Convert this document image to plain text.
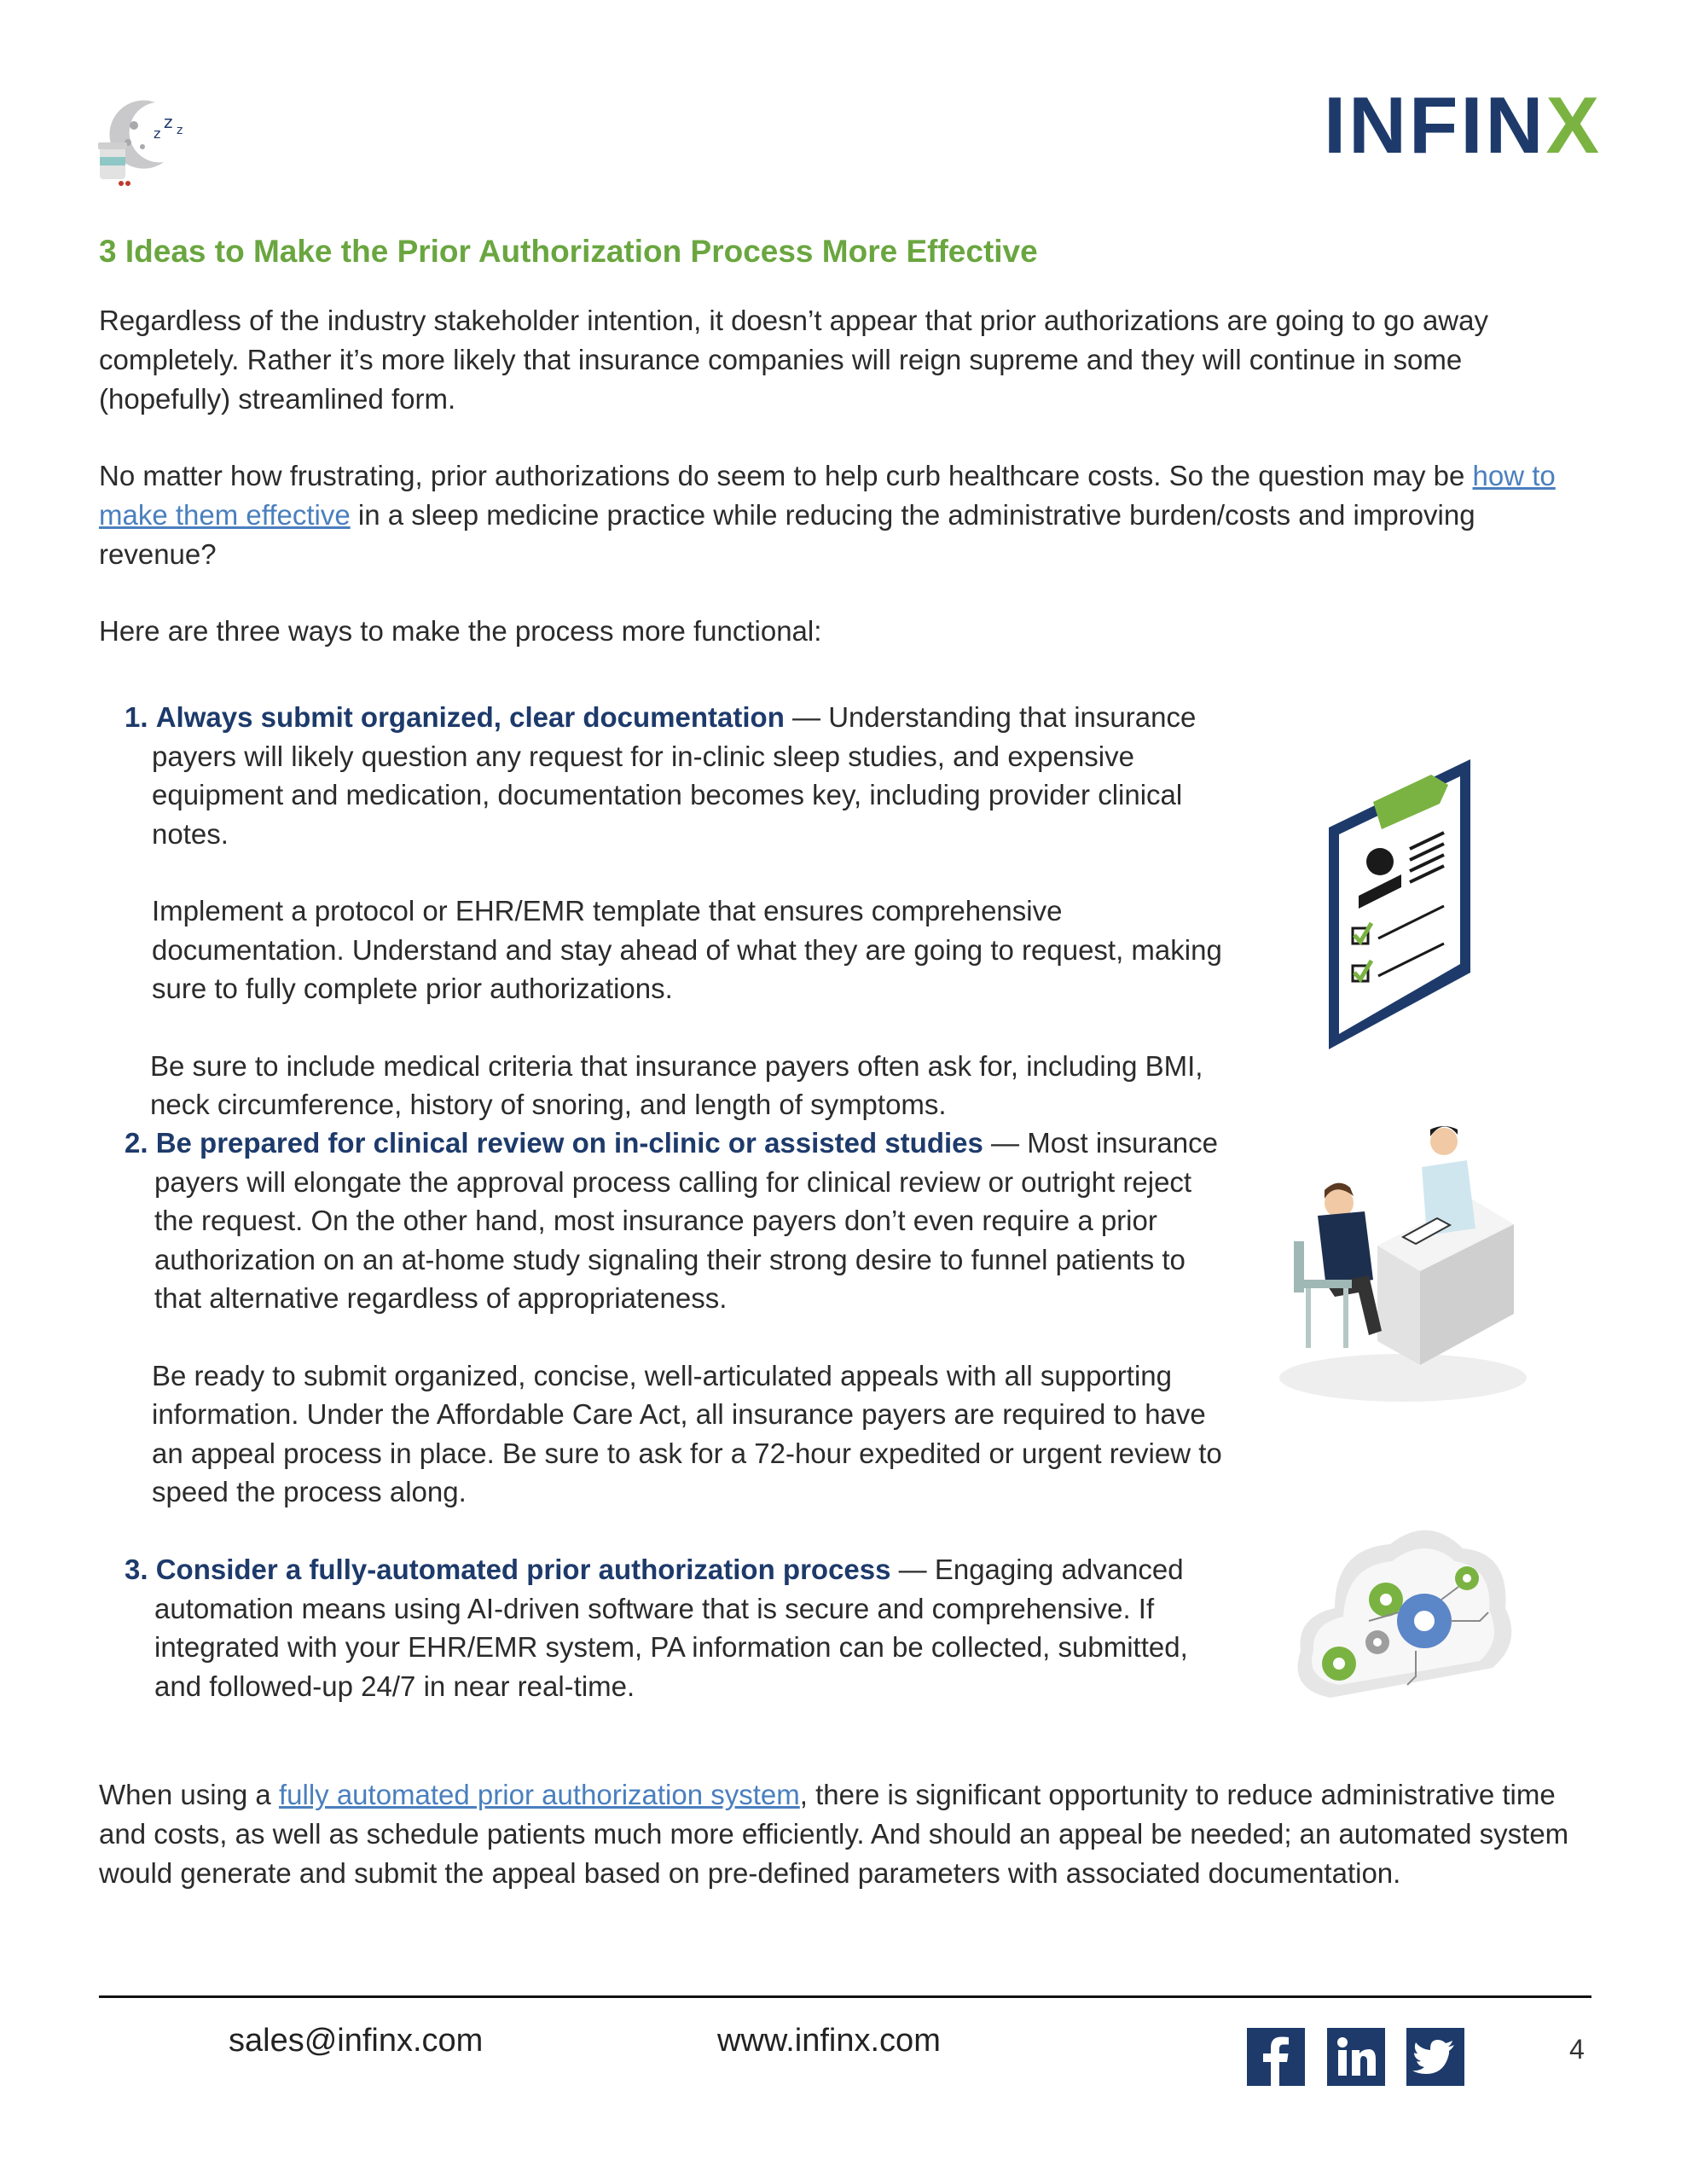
z
z z	INFINX
3 Ideas to Make the Prior Authorization Process More Effective

Regardless of the industry stakeholder intention, it doesn’t appear that prior authorizations are going to go away completely. Rather it’s more likely that insurance companies will reign supreme and they will continue in some (hopefully) streamlined form.

No matter how frustrating, prior authorizations do seem to help curb healthcare costs. So the question may be how to make them effective in a sleep medicine practice while reducing the administrative burden/costs and improving revenue?

Here are three ways to make the process more functional:

1. Always submit organized, clear documentation — Understanding that insurance payers will likely question any request for in-clinic sleep studies, and expensive equipment and medication, documentation becomes key, including provider clinical notes.

Implement a protocol or EHR/EMR template that ensures comprehensive documentation. Understand and stay ahead of what they are going to request, making sure to fully complete prior authorizations.

Be sure to include medical criteria that insurance payers often ask for, including BMI, neck circumference, history of snoring, and length of symptoms.

2. Be prepared for clinical review on in-clinic or assisted studies — Most insurance payers will elongate the approval process calling for clinical review or outright reject the request. On the other hand, most insurance payers don’t even require a prior authorization on an at-home study signaling their strong desire to funnel patients to that alternative regardless of appropriateness.

Be ready to submit organized, concise, well-articulated appeals with all supporting information. Under the Affordable Care Act, all insurance payers are required to have an appeal process in place. Be sure to ask for a 72-hour expedited or urgent review to speed the process along.

3. Consider a fully-automated prior authorization process — Engaging advanced automation means using AI-driven software that is secure and comprehensive. If integrated with your EHR/EMR system, PA information can be collected, submitted, and followed-up 24/7 in near real-time.

When using a fully automated prior authorization system, there is significant opportunity to reduce administrative time and costs, as well as schedule patients much more efficiently. And should an appeal be needed; an automated system would generate and submit the appeal based on pre-defined parameters with associated documentation.

sales@infinx.com	www.infinx.com	4
